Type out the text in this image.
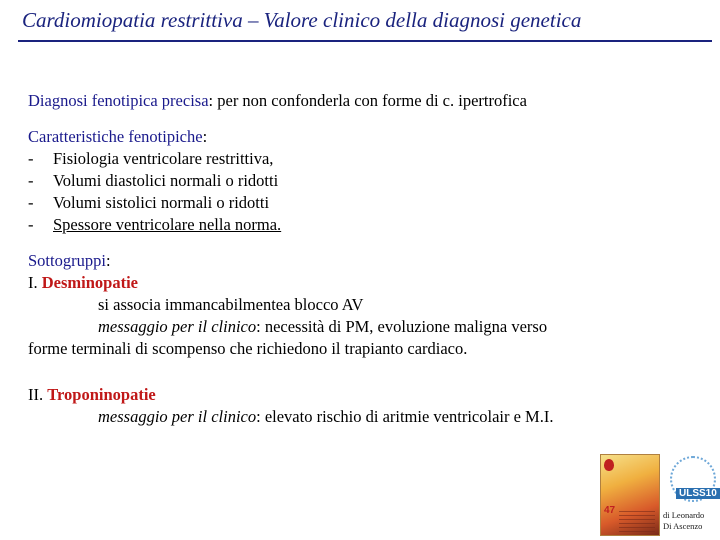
Cardiomiopatia restrittiva – Valore clinico della diagnosi genetica
Diagnosi fenotipica precisa: per non confonderla con forme di c. ipertrofica
Caratteristiche fenotipiche:
- Fisiologia ventricolare restrittiva,
- Volumi diastolici normali o ridotti
- Volumi sistolici normali o ridotti
- Spessore ventricolare nella norma.
Sottogruppi:
I. Desminopatie
si associa immancabilmentea blocco AV
messaggio per il clinico: necessità di PM, evoluzione maligna verso
forme terminali di scompenso che richiedono il trapianto cardiaco.
II. Troponinopatie
messaggio per il clinico: elevato rischio di aritmie ventricolair e M.I.
47
ULSS10
di Leonardo
Di Ascenzo
